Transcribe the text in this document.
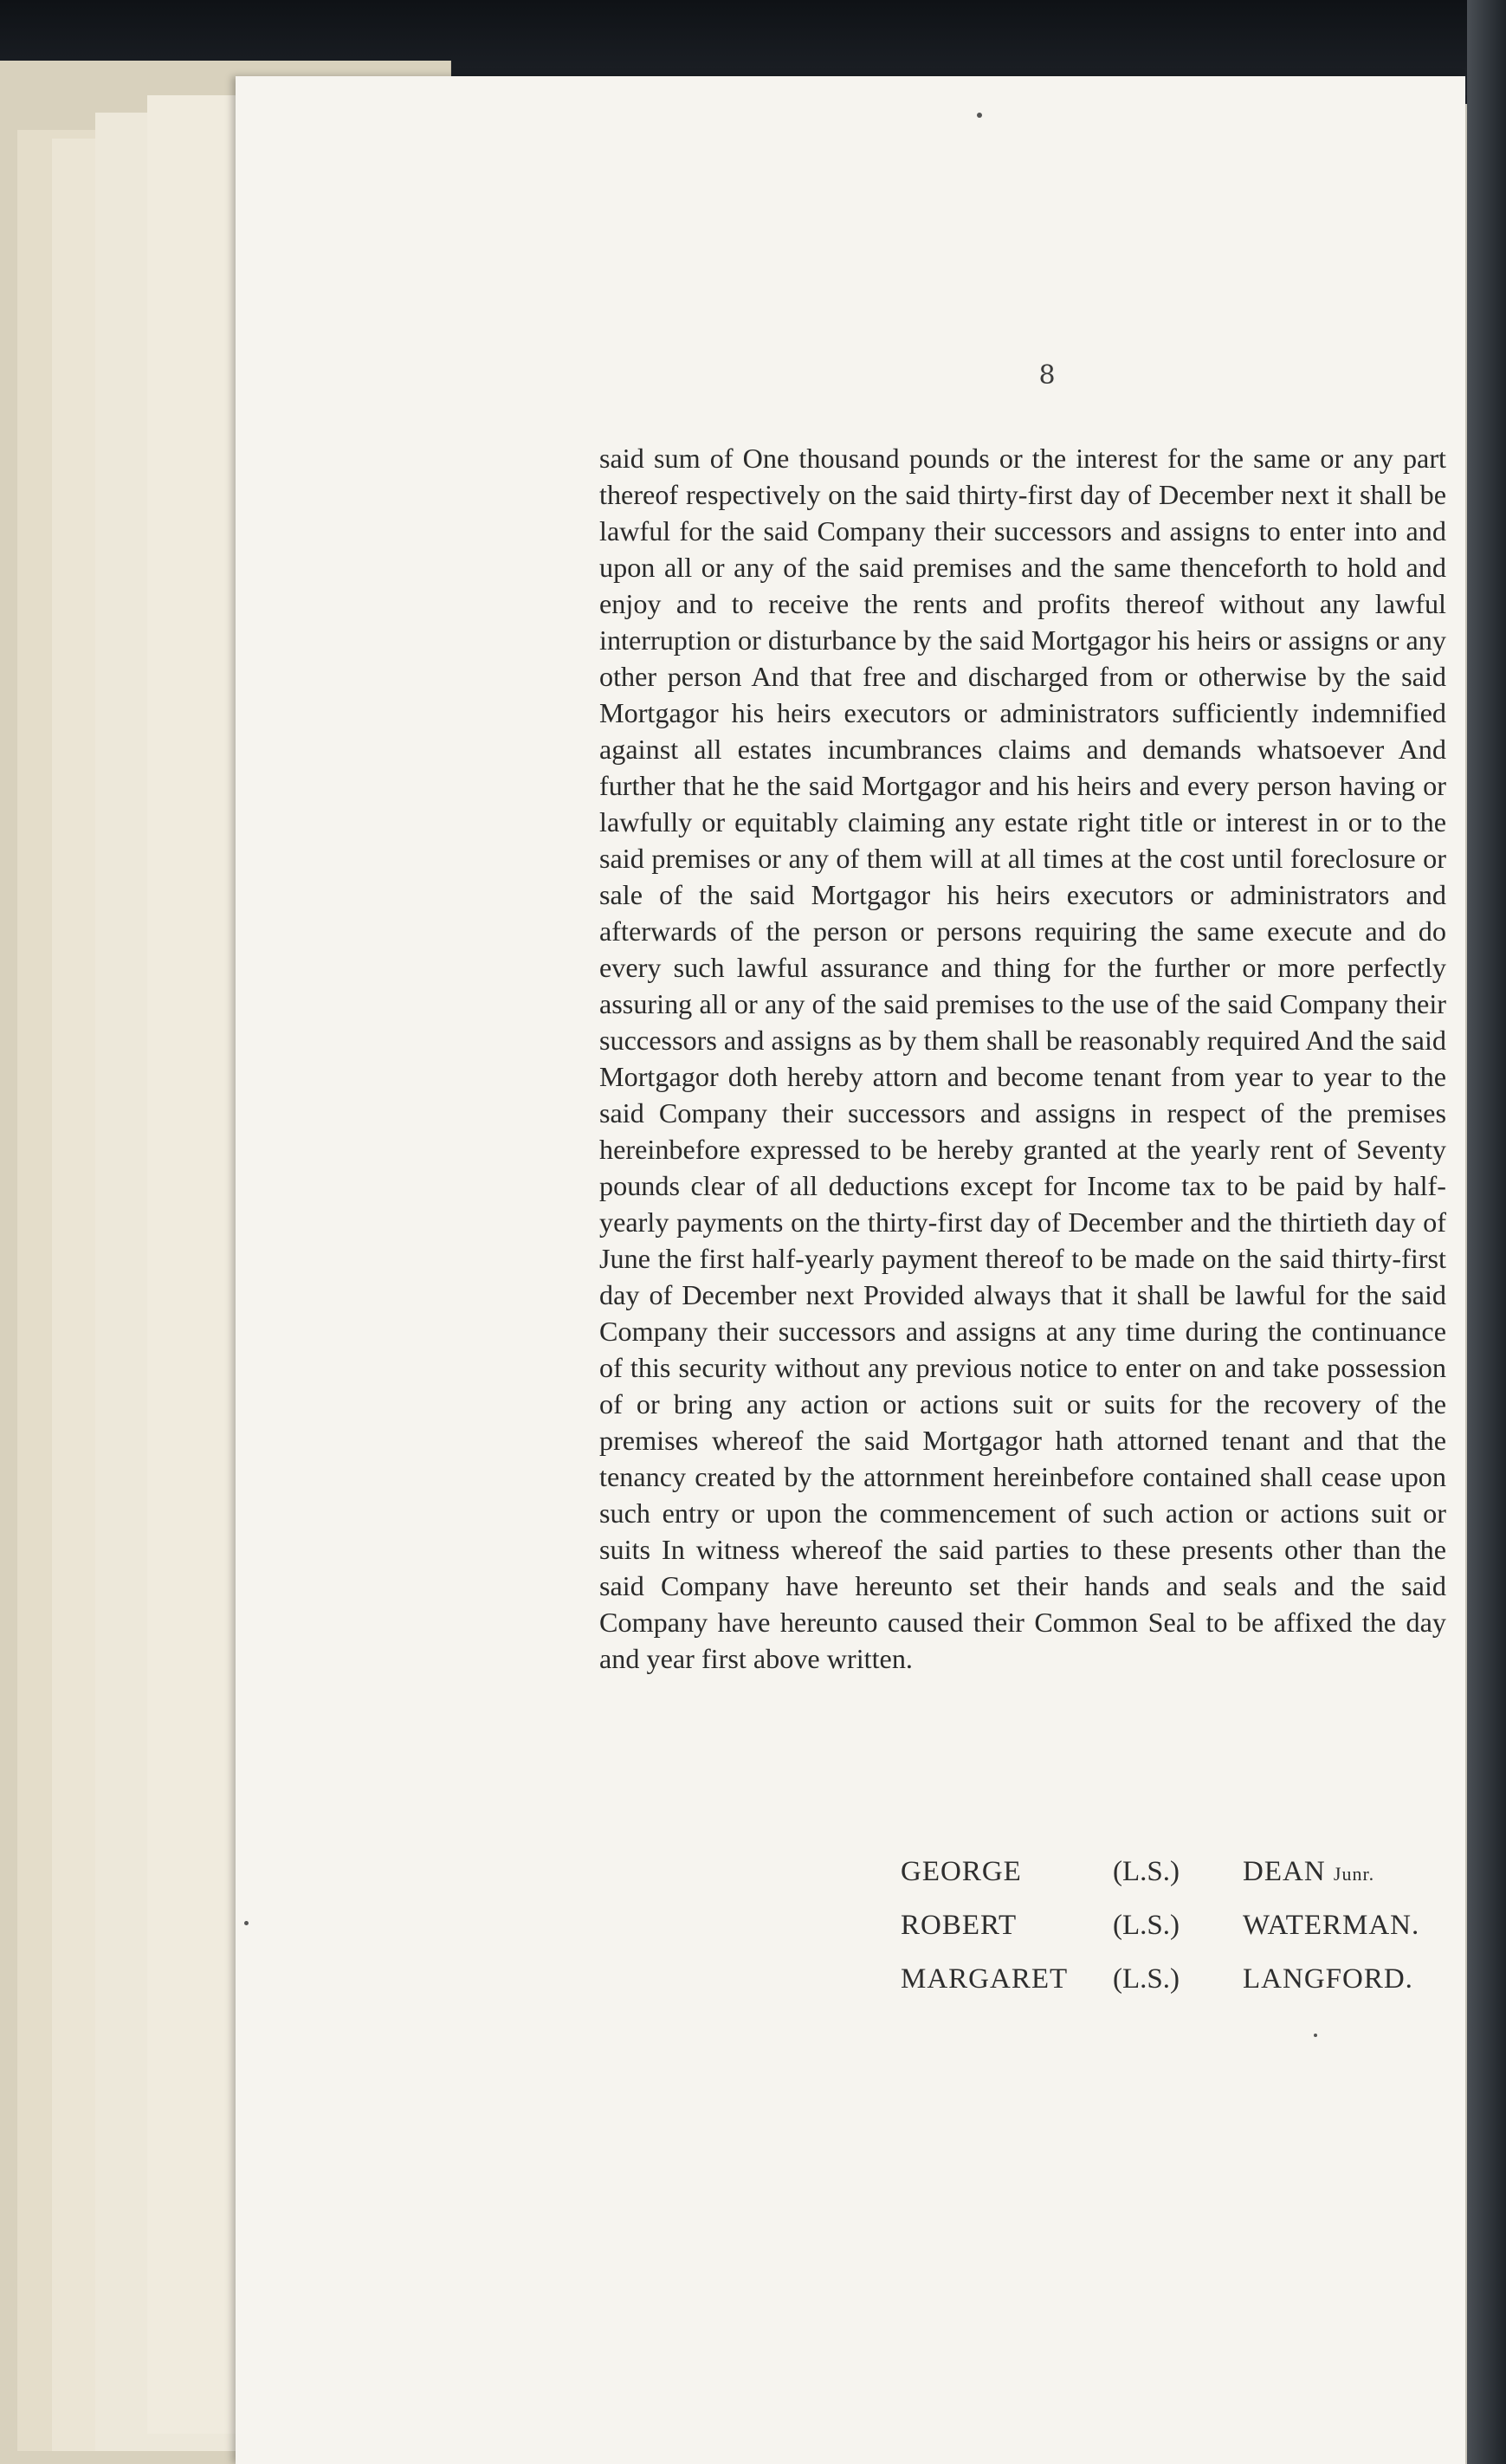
8

said sum of One thousand pounds or the interest for the same or any part thereof respectively on the said thirty-first day of December next it shall be lawful for the said Company their successors and assigns to enter into and upon all or any of the said premises and the same thenceforth to hold and enjoy and to receive the rents and profits thereof without any lawful interruption or disturbance by the said Mortgagor his heirs or assigns or any other person And that free and discharged from or otherwise by the said Mortgagor his heirs executors or administrators sufficiently indemnified against all estates incumbrances claims and demands whatsoever And further that he the said Mortgagor and his heirs and every person having or lawfully or equitably claiming any estate right title or interest in or to the said premises or any of them will at all times at the cost until foreclosure or sale of the said Mortgagor his heirs executors or administrators and afterwards of the person or persons requiring the same execute and do every such lawful assurance and thing for the further or more perfectly assuring all or any of the said premises to the use of the said Company their successors and assigns as by them shall be reasonably required And the said Mortgagor doth hereby attorn and become tenant from year to year to the said Company their successors and assigns in respect of the premises hereinbefore expressed to be hereby granted at the yearly rent of Seventy pounds clear of all deductions except for Income tax to be paid by half-yearly payments on the thirty-first day of December and the thirtieth day of June the first half-yearly payment thereof to be made on the said thirty-first day of December next Provided always that it shall be lawful for the said Company their successors and assigns at any time during the continuance of this security without any previous notice to enter on and take possession of or bring any action or actions suit or suits for the recovery of the premises whereof the said Mortgagor hath attorned tenant and that the tenancy created by the attornment hereinbefore contained shall cease upon such entry or upon the commencement of such action or actions suit or suits In witness whereof the said parties to these presents other than the said Company have hereunto set their hands and seals and the said Company have hereunto caused their Common Seal to be affixed the day and year first above written.

GEORGE	(L.S.)	DEAN Junr.
ROBERT	(L.S.)	WATERMAN.
MARGARET	(L.S.)	LANGFORD.
